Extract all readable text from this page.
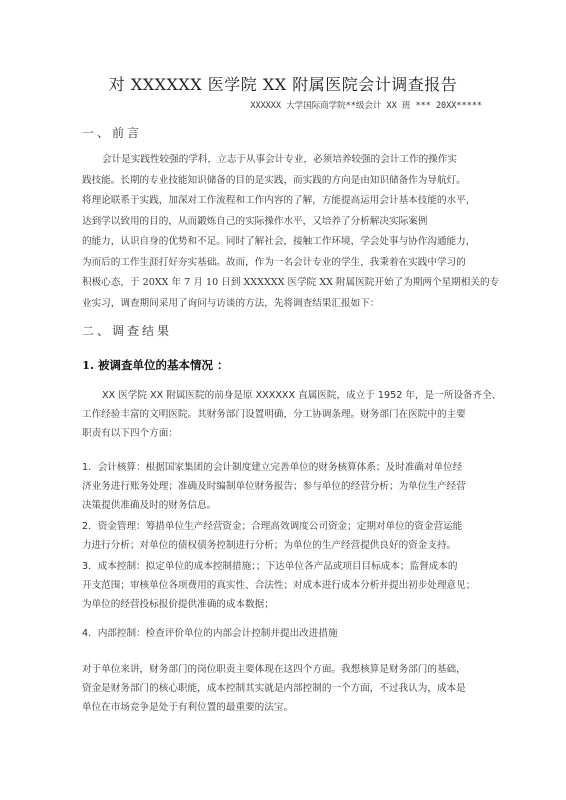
对 XXXXXX 医学院 XX 附属医院会计调查报告
XXXXXX 大学国际商学院**级会计 XX 班 *** 20XX*****
一、前言
会计是实践性较强的学科，立志于从事会计专业，必须培养较强的会计工作的操作实
践技能。长期的专业技能知识储备的目的是实践，而实践的方向是由知识储备作为导航灯。
将理论联系于实践，加深对工作流程和工作内容的了解，方能提高运用会计基本技能的水平，
达到学以致用的目的，从而鍛炼自己的实际操作水平，又培养了分析解决实际案例
的能力，认识自身的优势和不足。同时了解社会，接触工作环境，学会处事与协作沟通能力，
为而后的工作生涯打好夯实基础。故而，作为一名会计专业的学生，我秉着在实践中学习的
积极心态，于 20XX 年 7 月 10 日到 XXXXXX 医学院 XX 附属医院开始了为期两个星期相关的专
业实习，调查期间采用了询问与访谈的方法，先将调查结果汇报如下：
二、调查结果
1. 被调查单位的基本情况 ：
XX 医学院 XX 附属医院的前身是原 XXXXXX 直属医院，成立于 1952 年，是一所设备齐全、
工作经验丰富的文明医院。其财务部门设置明确，分工协调条理。财务部门在医院中的主要
职责有以下四个方面：
1．会计核算：根据国家集团的会计制度建立完善单位的财务核算体系；及时准确对单位经
济业务进行账务处理；准确及时编制单位财务报告；参与单位的经营分析；为单位生产经营
决策提供准确及时的财务信息。
2．资金管理：筹措单位生产经营资金；合理高效调度公司资金；定期对单位的资金营运能
力进行分析；对单位的债权债务控制进行分析；为单位的生产经营提供良好的资金支持。
3．成本控制：拟定单位的成本控制措施；；下达单位各产品或项目目标成本；监督成本的
开支范围；审核单位各项费用的真实性、合法性；对成本进行成本分析并提出初步处理意见；
为单位的经营投标报价提供准确的成本数据；
4．内部控制：检查评价单位的内部会计控制并提出改进措施
对于单位来讲，财务部门的岗位职责主要体现在这四个方面。我想核算是财务部门的基础，
资金是财务部门的核心职能，成本控制其实就是内部控制的一个方面，不过我认为，成本是
单位在市场竞争是处于有利位置的最重要的法宝。
